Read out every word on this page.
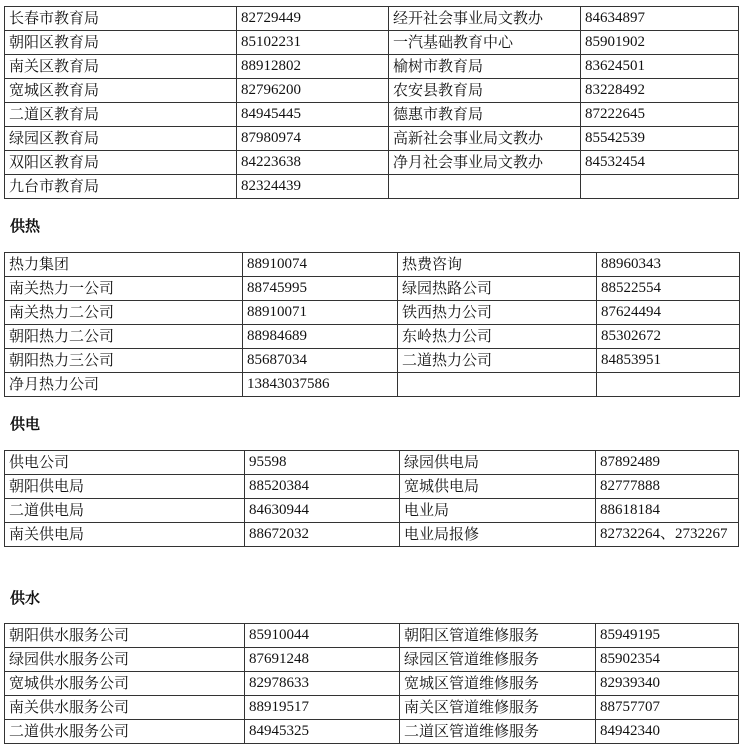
长春市教育局	82729449	经开社会事业局文教办	84634897
朝阳区教育局	85102231	一汽基础教育中心	85901902
南关区教育局	88912802	榆树市教育局	83624501
宽城区教育局	82796200	农安县教育局	83228492
二道区教育局	84945445	德惠市教育局	87222645
绿园区教育局	87980974	高新社会事业局文教办	85542539
双阳区教育局	84223638	净月社会事业局文教办	84532454
九台市教育局	82324439		
供热
热力集团	88910074	热费咨询	88960343
南关热力一公司	88745995	绿园热路公司	88522554
南关热力二公司	88910071	铁西热力公司	87624494
朝阳热力二公司	88984689	东岭热力公司	85302672
朝阳热力三公司	85687034	二道热力公司	84853951
净月热力公司	13843037586		
供电
供电公司	95598	绿园供电局	87892489
朝阳供电局	88520384	宽城供电局	82777888
二道供电局	84630944	电业局	88618184
南关供电局	88672032	电业局报修	82732264、2732267
供水
朝阳供水服务公司	85910044	朝阳区管道维修服务	85949195
绿园供水服务公司	87691248	绿园区管道维修服务	85902354
宽城供水服务公司	82978633	宽城区管道维修服务	82939340
南关供水服务公司	88919517	南关区管道维修服务	88757707
二道供水服务公司	84945325	二道区管道维修服务	84942340
